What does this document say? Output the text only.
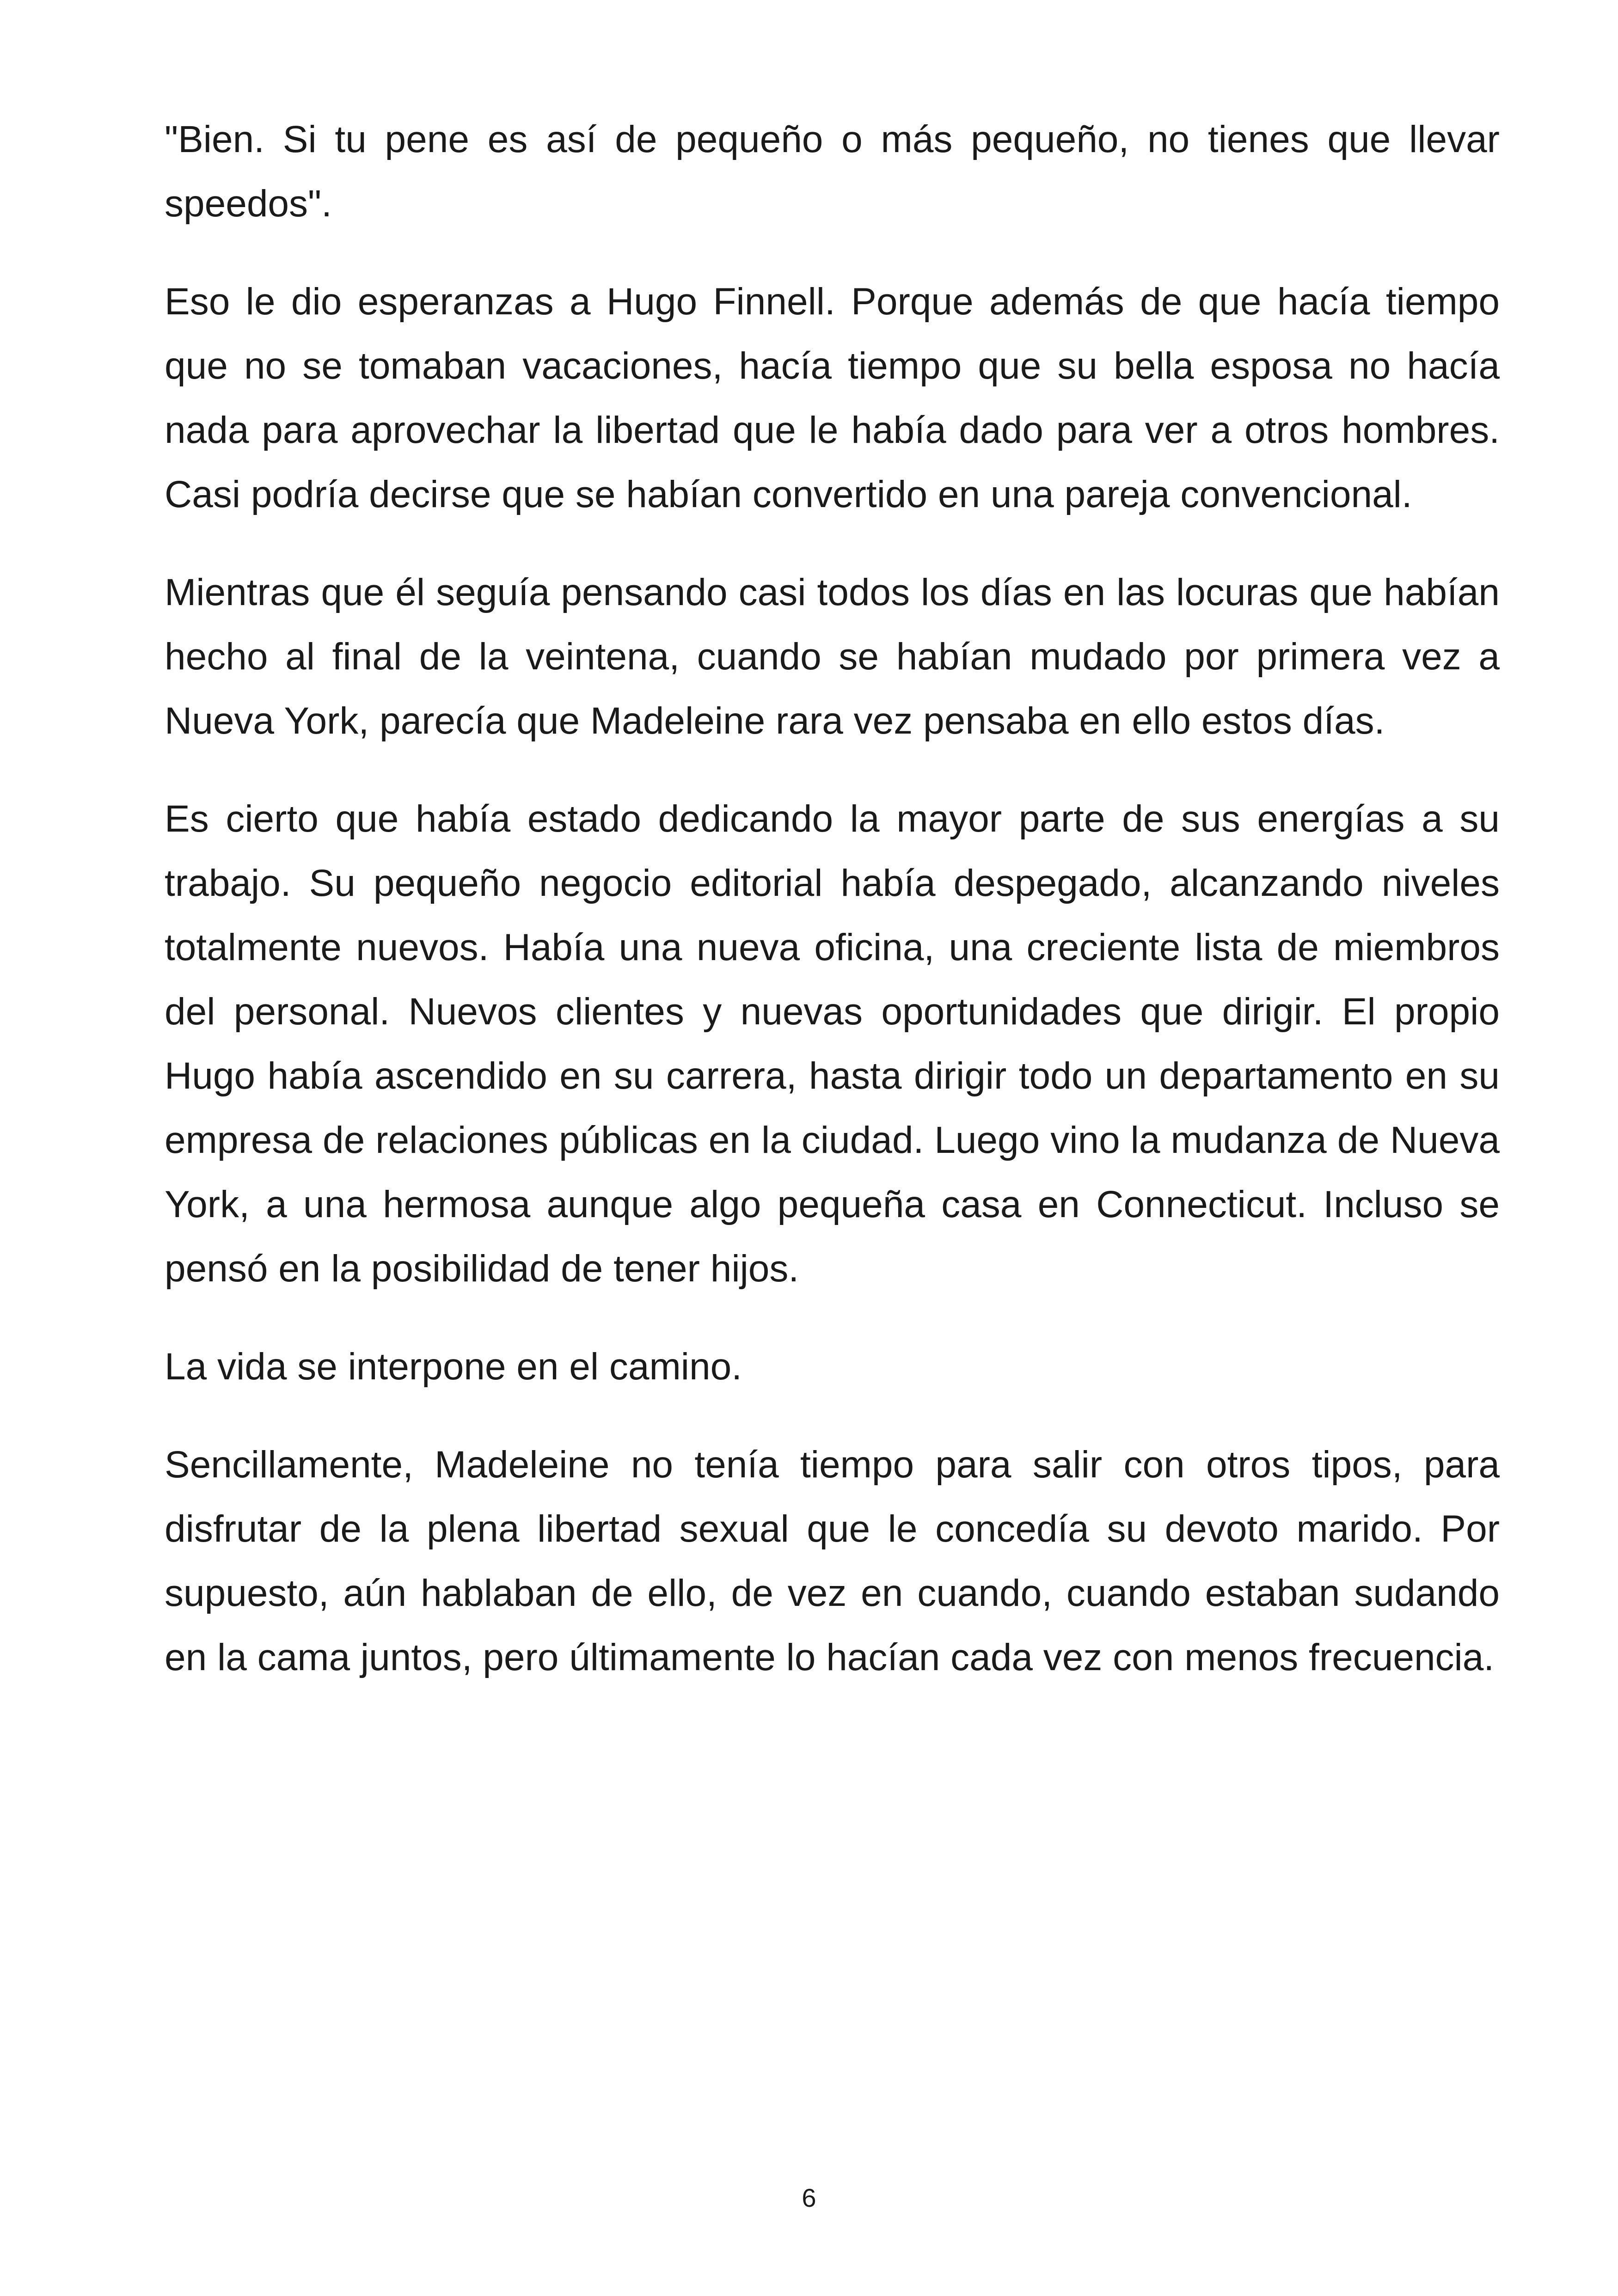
"Bien. Si tu pene es así de pequeño o más pequeño, no tienes que llevar speedos".

Eso le dio esperanzas a Hugo Finnell. Porque además de que hacía tiempo que no se tomaban vacaciones, hacía tiempo que su bella esposa no hacía nada para aprovechar la libertad que le había dado para ver a otros hombres. Casi podría decirse que se habían convertido en una pareja convencional.

Mientras que él seguía pensando casi todos los días en las locuras que habían hecho al final de la veintena, cuando se habían mudado por primera vez a Nueva York, parecía que Madeleine rara vez pensaba en ello estos días.

Es cierto que había estado dedicando la mayor parte de sus energías a su trabajo. Su pequeño negocio editorial había despegado, alcanzando niveles totalmente nuevos. Había una nueva oficina, una creciente lista de miembros del personal. Nuevos clientes y nuevas oportunidades que dirigir. El propio Hugo había ascendido en su carrera, hasta dirigir todo un departamento en su empresa de relaciones públicas en la ciudad. Luego vino la mudanza de Nueva York, a una hermosa aunque algo pequeña casa en Connecticut. Incluso se pensó en la posibilidad de tener hijos.

La vida se interpone en el camino.

Sencillamente, Madeleine no tenía tiempo para salir con otros tipos, para disfrutar de la plena libertad sexual que le concedía su devoto marido. Por supuesto, aún hablaban de ello, de vez en cuando, cuando estaban sudando en la cama juntos, pero últimamente lo hacían cada vez con menos frecuencia.

6
